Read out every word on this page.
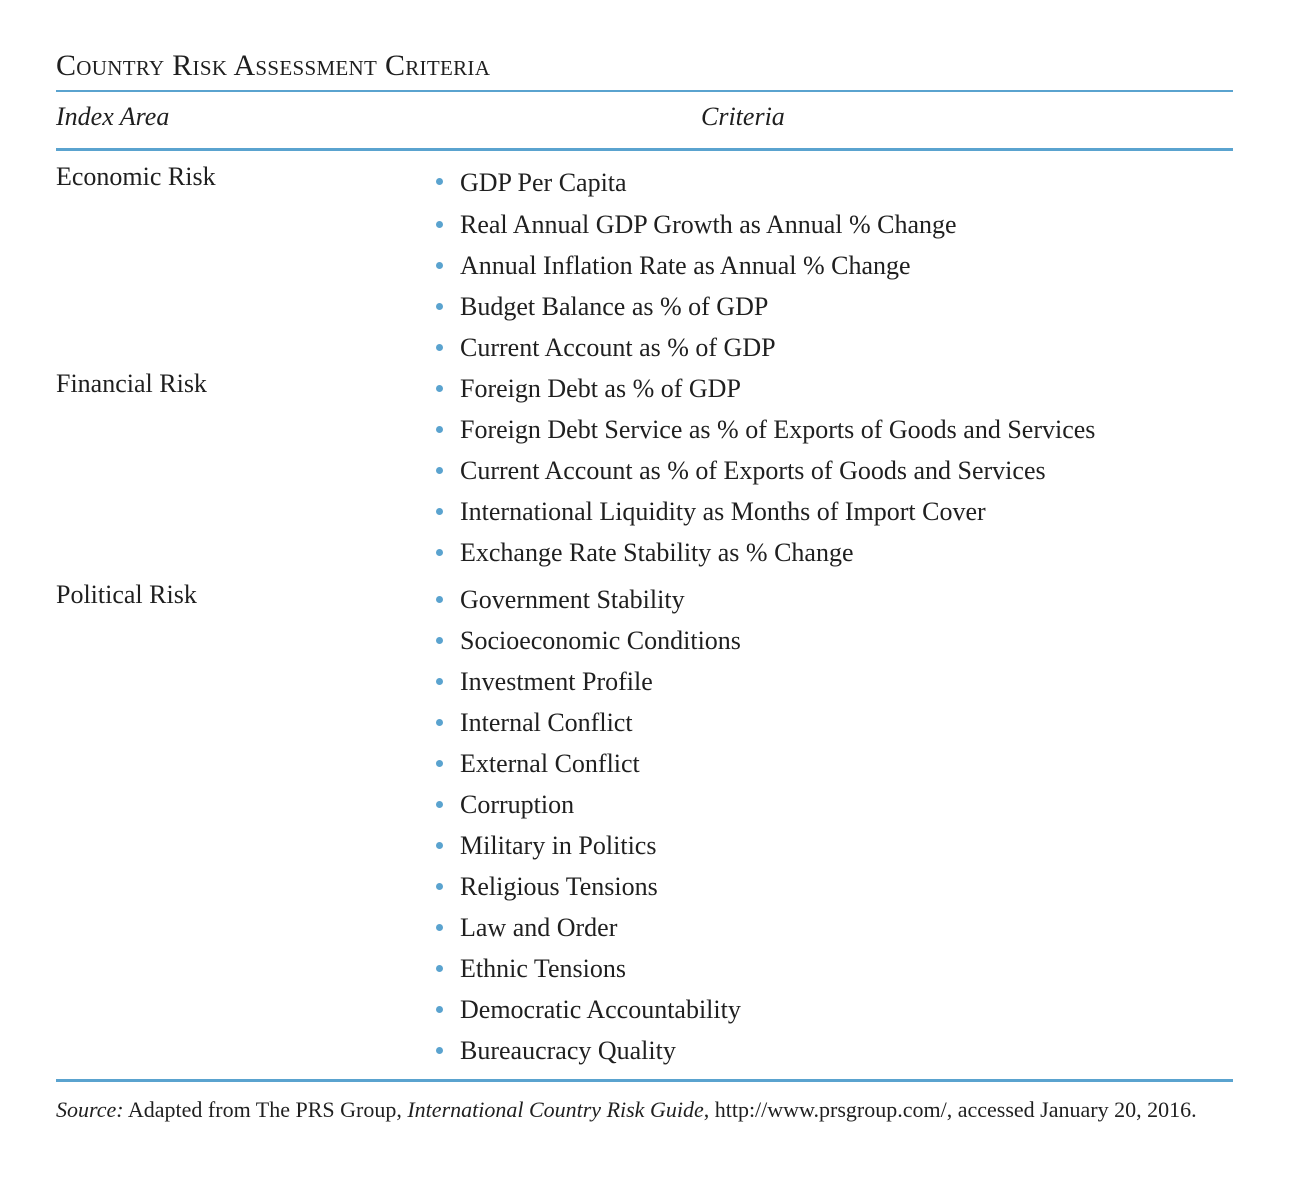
Country Risk Assessment Criteria
Index Area	Criteria
Economic Risk	GDP Per Capita
Real Annual GDP Growth as Annual % Change
Annual Inflation Rate as Annual % Change
Budget Balance as % of GDP
Current Account as % of GDP
Financial Risk	Foreign Debt as % of GDP
Foreign Debt Service as % of Exports of Goods and Services
Current Account as % of Exports of Goods and Services
International Liquidity as Months of Import Cover
Exchange Rate Stability as % Change
Political Risk	Government Stability
Socioeconomic Conditions
Investment Profile
Internal Conflict
External Conflict
Corruption
Military in Politics
Religious Tensions
Law and Order
Ethnic Tensions
Democratic Accountability
Bureaucracy Quality
Source: Adapted from The PRS Group, International Country Risk Guide, http://www.prsgroup.com/, accessed January 20, 2016.
